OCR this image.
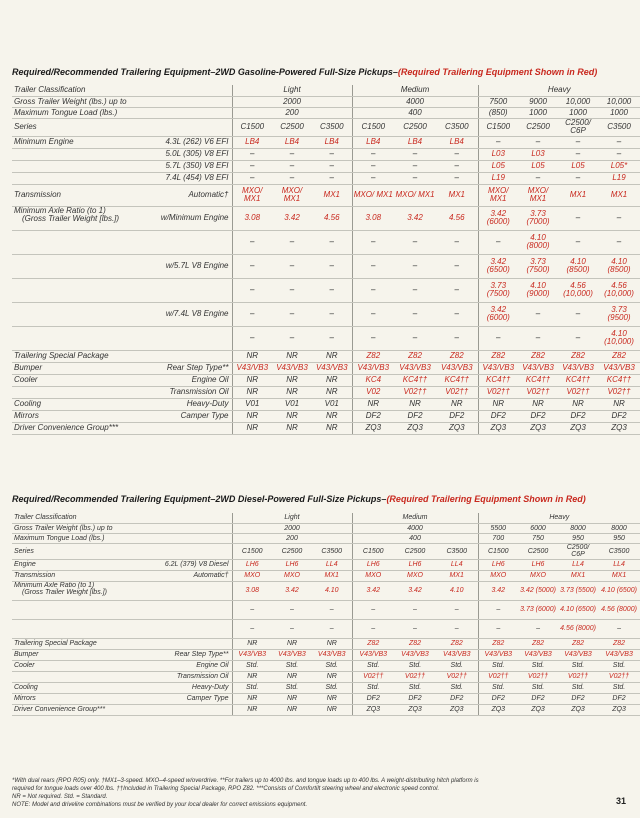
Required/Recommended Trailering Equipment–2WD Gasoline-Powered Full-Size Pickups–(Required Trailering Equipment Shown in Red)
Trailer Classification		Light			Medium			Heavy			
Gross Trailer Weight (lbs.) up to		2000			4000			7500	9000	10,000	10,000
Maximum Tongue Load (lbs.)		200			400			(850)	1000	1000	1000
Series		C1500	C2500	C3500	C1500	C2500	C3500	C1500	C2500	C2500/ C6P	C3500
Minimum Engine	4.3L (262) V6 EFI	LB4	LB4	LB4	LB4	LB4	LB4	–	–	–	–
	5.0L (305) V8 EFI	–	–	–	–	–	–	L03	L03	–	–
	5.7L (350) V8 EFI	–	–	–	–	–	–	L05	L05	L05	L05*
	7.4L (454) V8 EFI	–	–	–	–	–	–	L19	–	–	L19
Transmission	Automatic†	MXO/ MX1	MXO/ MX1	MX1	MXO/ MX1	MXO/ MX1	MX1	MXO/ MX1	MXO/ MX1	MX1	MX1
Minimum Axle Ratio (to 1)
(Gross Trailer Weight [lbs.])	w/Minimum Engine	3.08	3.42	4.56	3.08	3.42	4.56	3.42 (6000)	3.73 (7000)	–	–
		–	–	–	–	–	–	–	4.10 (8000)	–	–
	w/5.7L V8 Engine	–	–	–	–	–	–	3.42 (6500)	3.73 (7500)	4.10 (8500)	4.10 (8500)
		–	–	–	–	–	–	3.73 (7500)	4.10 (9000)	4.56 (10,000)	4.56 (10,000)
	w/7.4L V8 Engine	–	–	–	–	–	–	3.42 (6000)	–	–	3.73 (9500)
		–	–	–	–	–	–	–	–	–	4.10 (10,000)
Trailering Special Package		NR	NR	NR	Z82	Z82	Z82	Z82	Z82	Z82	Z82
Bumper	Rear Step Type**	V43/VB3	V43/VB3	V43/VB3	V43/VB3	V43/VB3	V43/VB3	V43/VB3	V43/VB3	V43/VB3	V43/VB3
Cooler	Engine Oil	NR	NR	NR	KC4	KC4††	KC4††	KC4††	KC4††	KC4††	KC4††
	Transmission Oil	NR	NR	NR	V02	V02††	V02††	V02††	V02††	V02††	V02††
Cooling	Heavy-Duty	V01	V01	V01	NR	NR	NR	NR	NR	NR	NR
Mirrors	Camper Type	NR	NR	NR	DF2	DF2	DF2	DF2	DF2	DF2	DF2
Driver Convenience Group***		NR	NR	NR	ZQ3	ZQ3	ZQ3	ZQ3	ZQ3	ZQ3	ZQ3
Required/Recommended Trailering Equipment–2WD Diesel-Powered Full-Size Pickups–(Required Trailering Equipment Shown in Red)
Trailer Classification		Light			Medium			Heavy			
Gross Trailer Weight (lbs.) up to		2000			4000			5500	6000	8000	8000
Maximum Tongue Load (lbs.)		200			400			700	750	950	950
Series		C1500	C2500	C3500	C1500	C2500	C3500	C1500	C2500	C2500/ C6P	C3500
Engine	6.2L (379) V8 Diesel	LH6	LH6	LL4	LH6	LH6	LL4	LH6	LH6	LL4	LL4
Transmission	Automatic†	MXO	MXO	MX1	MXO	MXO	MX1	MXO	MXO	MX1	MX1
Minimum Axle Ratio (to 1)
(Gross Trailer Weight [lbs.])		3.08	3.42	4.10	3.42	3.42	4.10	3.42	3.42 (5000)	3.73 (5500)	4.10 (6500)
		–	–	–	–	–	–	–	3.73 (6000)	4.10 (6500)	4.56 (8000)
		–	–	–	–	–	–	–	–	4.56 (8000)	–
Trailering Special Package		NR	NR	NR	Z82	Z82	Z82	Z82	Z82	Z82	Z82
Bumper	Rear Step Type**	V43/VB3	V43/VB3	V43/VB3	V43/VB3	V43/VB3	V43/VB3	V43/VB3	V43/VB3	V43/VB3	V43/VB3
Cooler	Engine Oil	Std.	Std.	Std.	Std.	Std.	Std.	Std.	Std.	Std.	Std.
	Transmission Oil	NR	NR	NR	V02††	V02††	V02††	V02††	V02††	V02††	V02††
Cooling	Heavy-Duty	Std.	Std.	Std.	Std.	Std.	Std.	Std.	Std.	Std.	Std.
Mirrors	Camper Type	NR	NR	NR	DF2	DF2	DF2	DF2	DF2	DF2	DF2
Driver Convenience Group***		NR	NR	NR	ZQ3	ZQ3	ZQ3	ZQ3	ZQ3	ZQ3	ZQ3
*With dual rears (RPO R05) only. †MX1–3-speed. MXO–4-speed w/overdrive. **For trailers up to 4000 lbs. and tongue loads up to 400 lbs. A weight-distributing hitch platform is
required for tongue loads over 400 lbs. ††Included in Trailering Special Package, RPO Z82. ***Consists of Comfortilt steering wheel and electronic speed control.
NR = Not required. Std. = Standard.
NOTE: Model and driveline combinations must be verified by your local dealer for correct emissions equipment.	31
